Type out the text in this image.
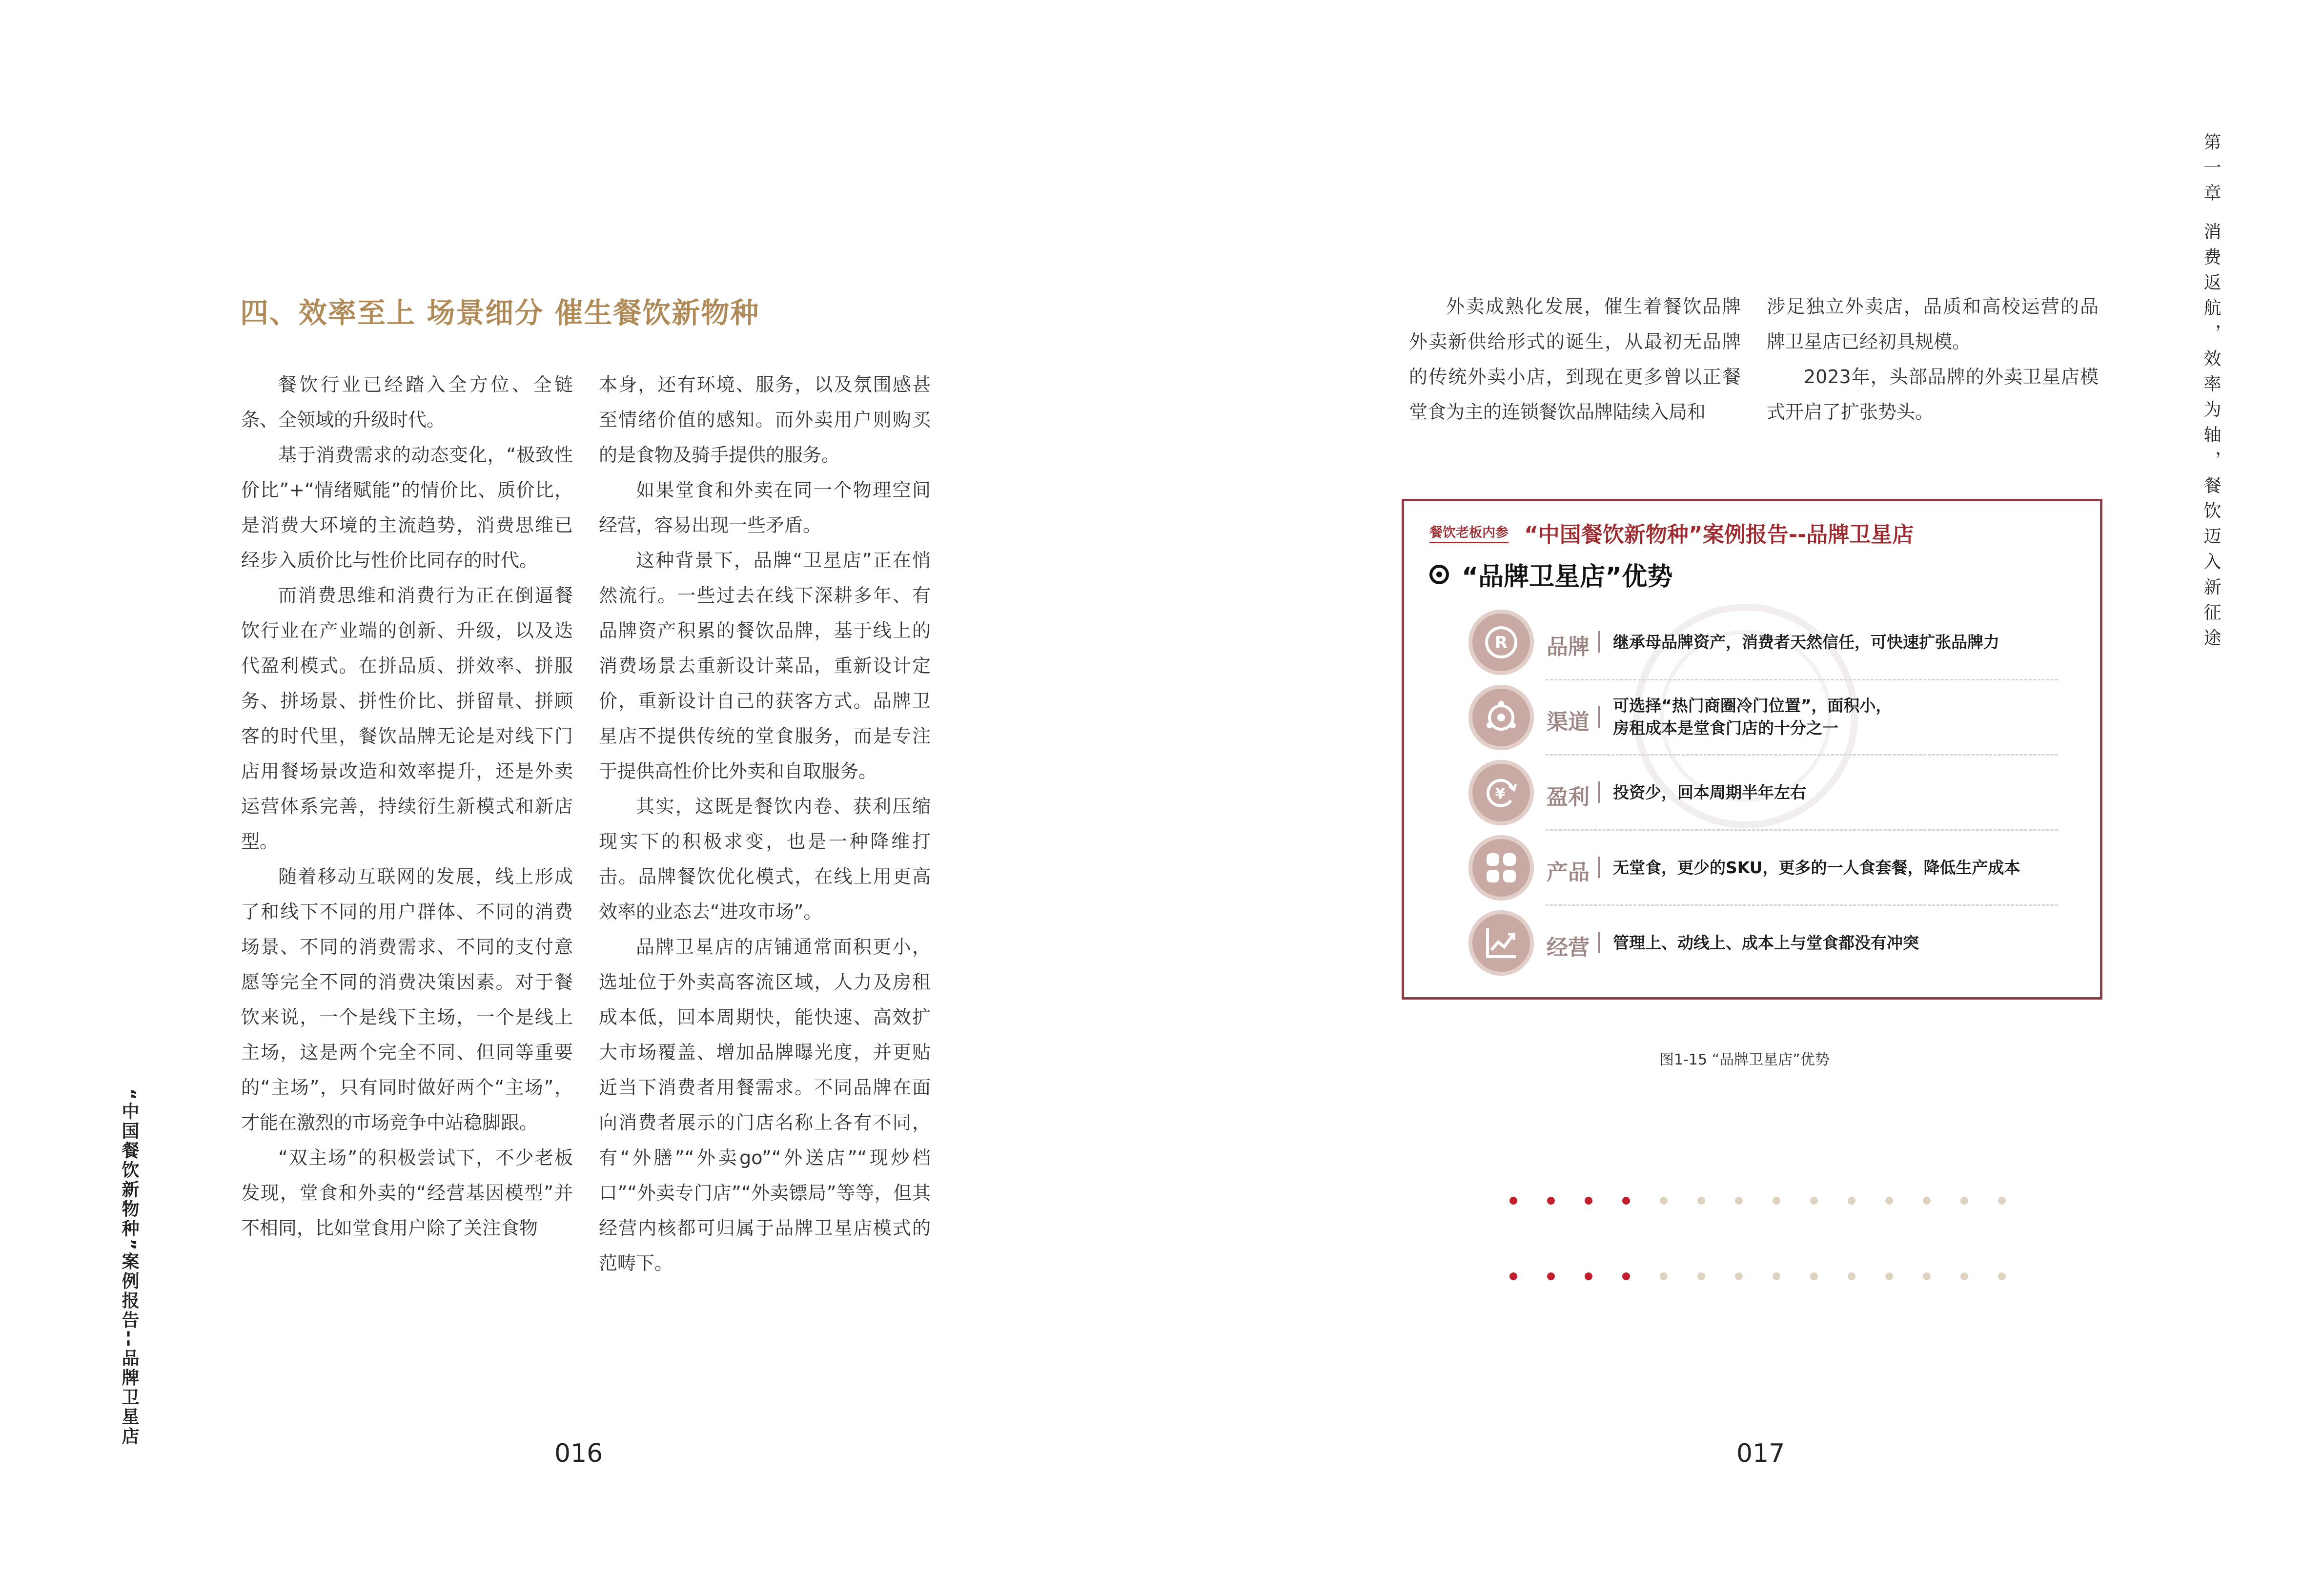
“中国餐饮新物种”案例报告--品牌卫星店
四、效率至上 场景细分 催生餐饮新物种

餐饮行业已经踏入全方位、全链条、全领域的升级时代。

基于消费需求的动态变化，“极致性价比”+“情绪赋能”的情价比、质价比，是消费大环境的主流趋势，消费思维已经步入质价比与性价比同存的时代。

而消费思维和消费行为正在倒逼餐饮行业在产业端的创新、升级，以及迭代盈利模式。在拼品质、拼效率、拼服务、拼场景、拼性价比、拼留量、拼顾客的时代里，餐饮品牌无论是对线下门店用餐场景改造和效率提升，还是外卖运营体系完善，持续衍生新模式和新店型。

随着移动互联网的发展，线上形成了和线下不同的用户群体、不同的消费场景、不同的消费需求、不同的支付意愿等完全不同的消费决策因素。对于餐饮来说，一个是线下主场，一个是线上主场，这是两个完全不同、但同等重要的“主场”，只有同时做好两个“主场”，才能在激烈的市场竞争中站稳脚跟。

“双主场”的积极尝试下，不少老板发现，堂食和外卖的“经营基因模型”并不相同，比如堂食用户除了关注食物

本身，还有环境、服务，以及氛围感甚至情绪价值的感知。而外卖用户则购买的是食物及骑手提供的服务。

如果堂食和外卖在同一个物理空间经营，容易出现一些矛盾。

这种背景下，品牌“卫星店”正在悄然流行。一些过去在线下深耕多年、有品牌资产积累的餐饮品牌，基于线上的消费场景去重新设计菜品，重新设计定价，重新设计自己的获客方式。品牌卫星店不提供传统的堂食服务，而是专注于提供高性价比外卖和自取服务。

其实，这既是餐饮内卷、获利压缩现实下的积极求变，也是一种降维打击。品牌餐饮优化模式，在线上用更高效率的业态去“进攻市场”。

品牌卫星店的店铺通常面积更小，选址位于外卖高客流区域，人力及房租成本低，回本周期快，能快速、高效扩大市场覆盖、增加品牌曝光度，并更贴近当下消费者用餐需求。不同品牌在面向消费者展示的门店名称上各有不同，有“外膳”“外卖go”“外送店”“现炒档口”“外卖专门店”“外卖镖局”等等，但其经营内核都可归属于品牌卫星店模式的范畴下。

016
第一章 消费返航，效率为轴，餐饮迈入新征途

外卖成熟化发展，催生着餐饮品牌外卖新供给形式的诞生，从最初无品牌的传统外卖小店，到现在更多曾以正餐堂食为主的连锁餐饮品牌陆续入局和

涉足独立外卖店，品质和高校运营的品牌卫星店已经初具规模。

2023年，头部品牌的外卖卫星店模式开启了扩张势头。

餐饮老板内参 “中国餐饮新物种”案例报告--品牌卫星店
“品牌卫星店”优势
R 品牌 继承母品牌资产，消费者天然信任，可快速扩张品牌力
渠道
可选择“热门商圈冷门位置”，面积小，
房租成本是堂食门店的十分之一
¥ 盈利 投资少，回本周期半年左右
产品 无堂食，更少的SKU，更多的一人食套餐，降低生产成本
经营 管理上、动线上、成本上与堂食都没有冲突
图1-15 “品牌卫星店”优势
017
